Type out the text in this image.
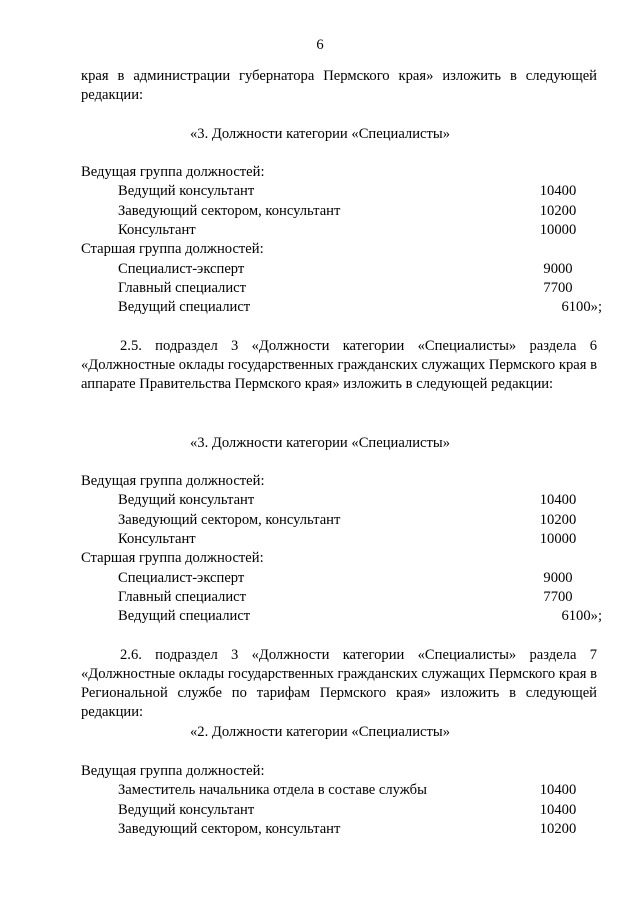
6
края в администрации губернатора Пермского края» изложить в следующей редакции:
«3. Должности категории «Специалисты»
Ведущая группа должностей:
Ведущий консультант	10400
Заведующий сектором, консультант	10200
Консультант	10000
Старшая группа должностей:
Специалист-эксперт	9000
Главный специалист	7700
Ведущий специалист	6100»;
2.5. подраздел 3 «Должности категории «Специалисты» раздела 6 «Должностные оклады государственных гражданских служащих Пермского края в аппарате Правительства Пермского края» изложить в следующей редакции:
«3. Должности категории «Специалисты»
Ведущая группа должностей:
Ведущий консультант	10400
Заведующий сектором, консультант	10200
Консультант	10000
Старшая группа должностей:
Специалист-эксперт	9000
Главный специалист	7700
Ведущий специалист	6100»;
2.6. подраздел 3 «Должности категории «Специалисты» раздела 7 «Должностные оклады государственных гражданских служащих Пермского края в Региональной службе по тарифам Пермского края» изложить в следующей редакции:
«2. Должности категории «Специалисты»
Ведущая группа должностей:
Заместитель начальника отдела в составе службы	10400
Ведущий консультант	10400
Заведующий сектором, консультант	10200
